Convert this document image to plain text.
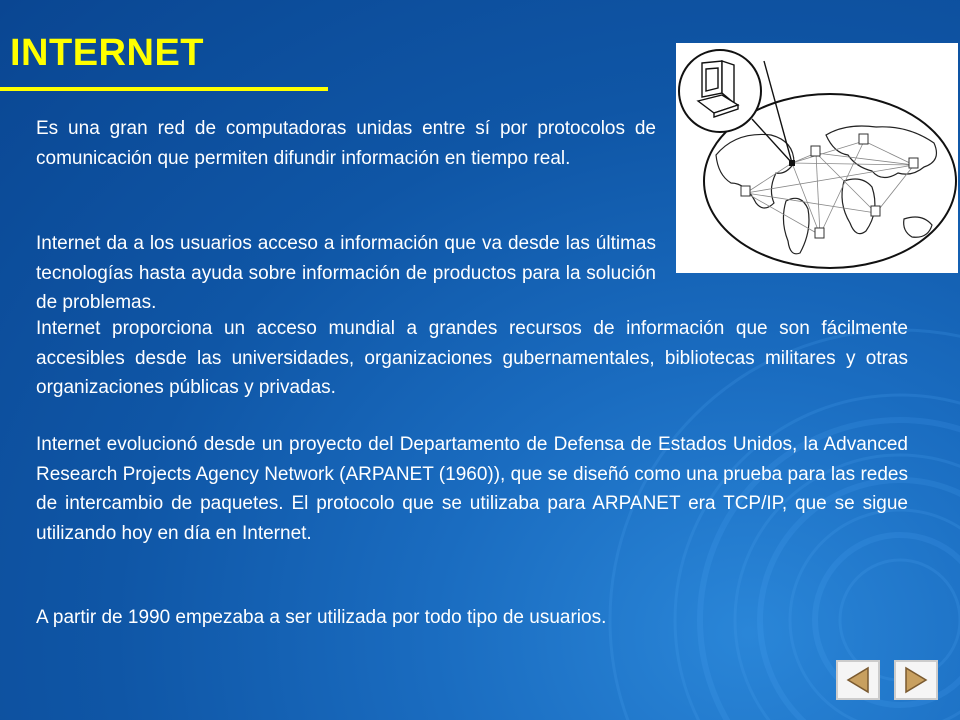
INTERNET

Es una gran red de computadoras unidas entre sí por protocolos de comunicación que permiten difundir información en tiempo real.

Internet da a los usuarios acceso a información que va desde las últimas tecnologías hasta ayuda sobre información de productos para la solución de problemas.

Internet proporciona un acceso mundial a grandes recursos de información que son fácilmente accesibles desde las universidades, organizaciones gubernamentales, bibliotecas militares y otras organizaciones públicas y privadas.

Internet evolucionó desde un proyecto del Departamento de Defensa de Estados Unidos, la Advanced Research Projects Agency Network (ARPANET (1960)), que se diseñó como una prueba para las redes de intercambio de paquetes. El protocolo que se utilizaba para ARPANET era TCP/IP, que se sigue utilizando hoy en día en Internet.

A partir de 1990 empezaba a ser utilizada por todo tipo de usuarios.
